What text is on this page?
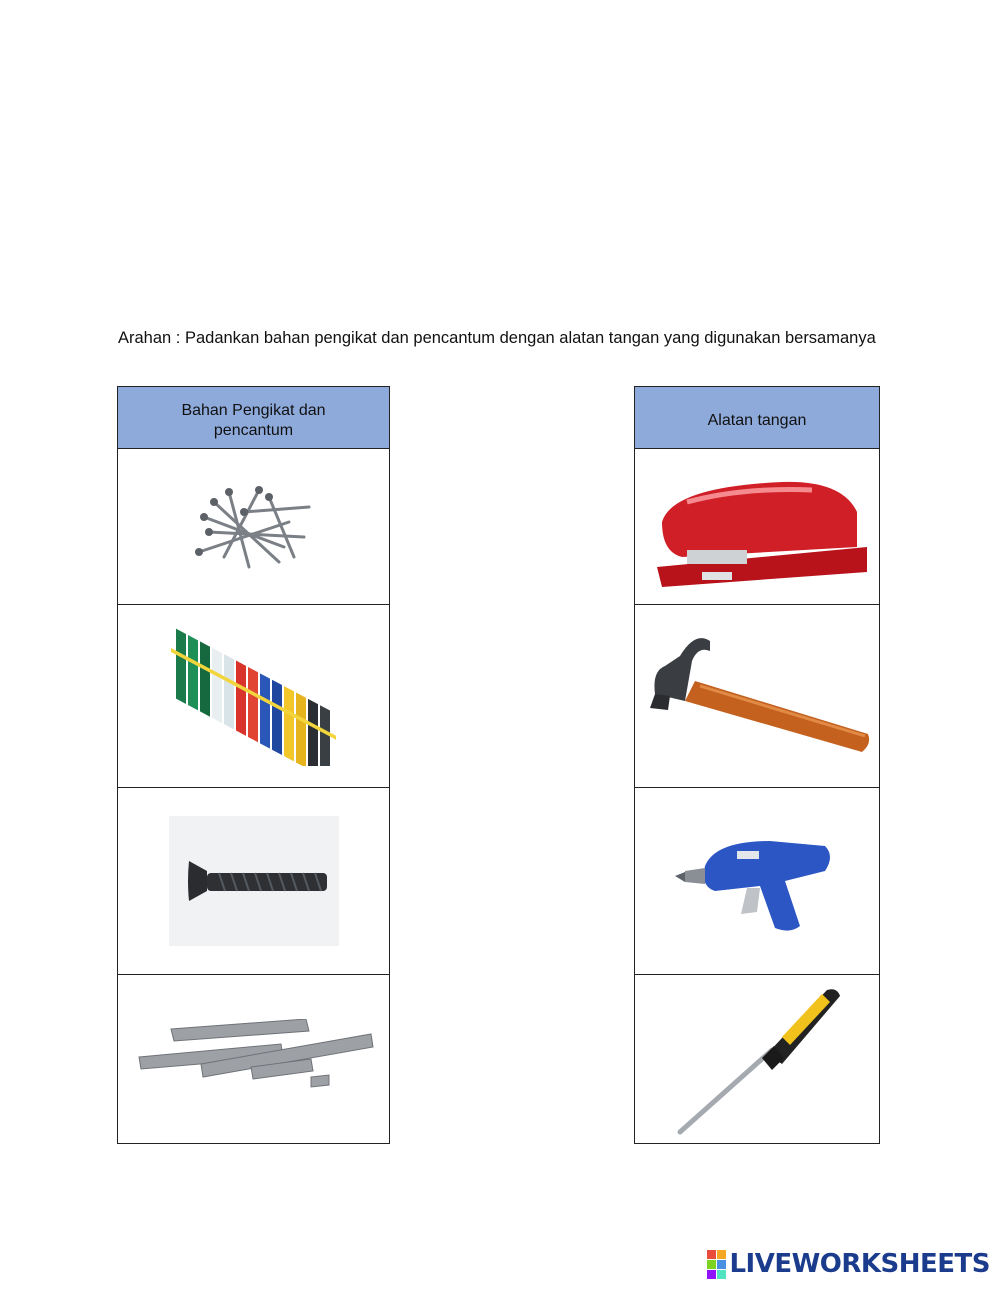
Arahan : Padankan bahan pengikat dan pencantum dengan alatan tangan yang digunakan bersamanya

Bahan Pengikat dan pencantum

Alatan tangan

LIVEWORKSHEETS
